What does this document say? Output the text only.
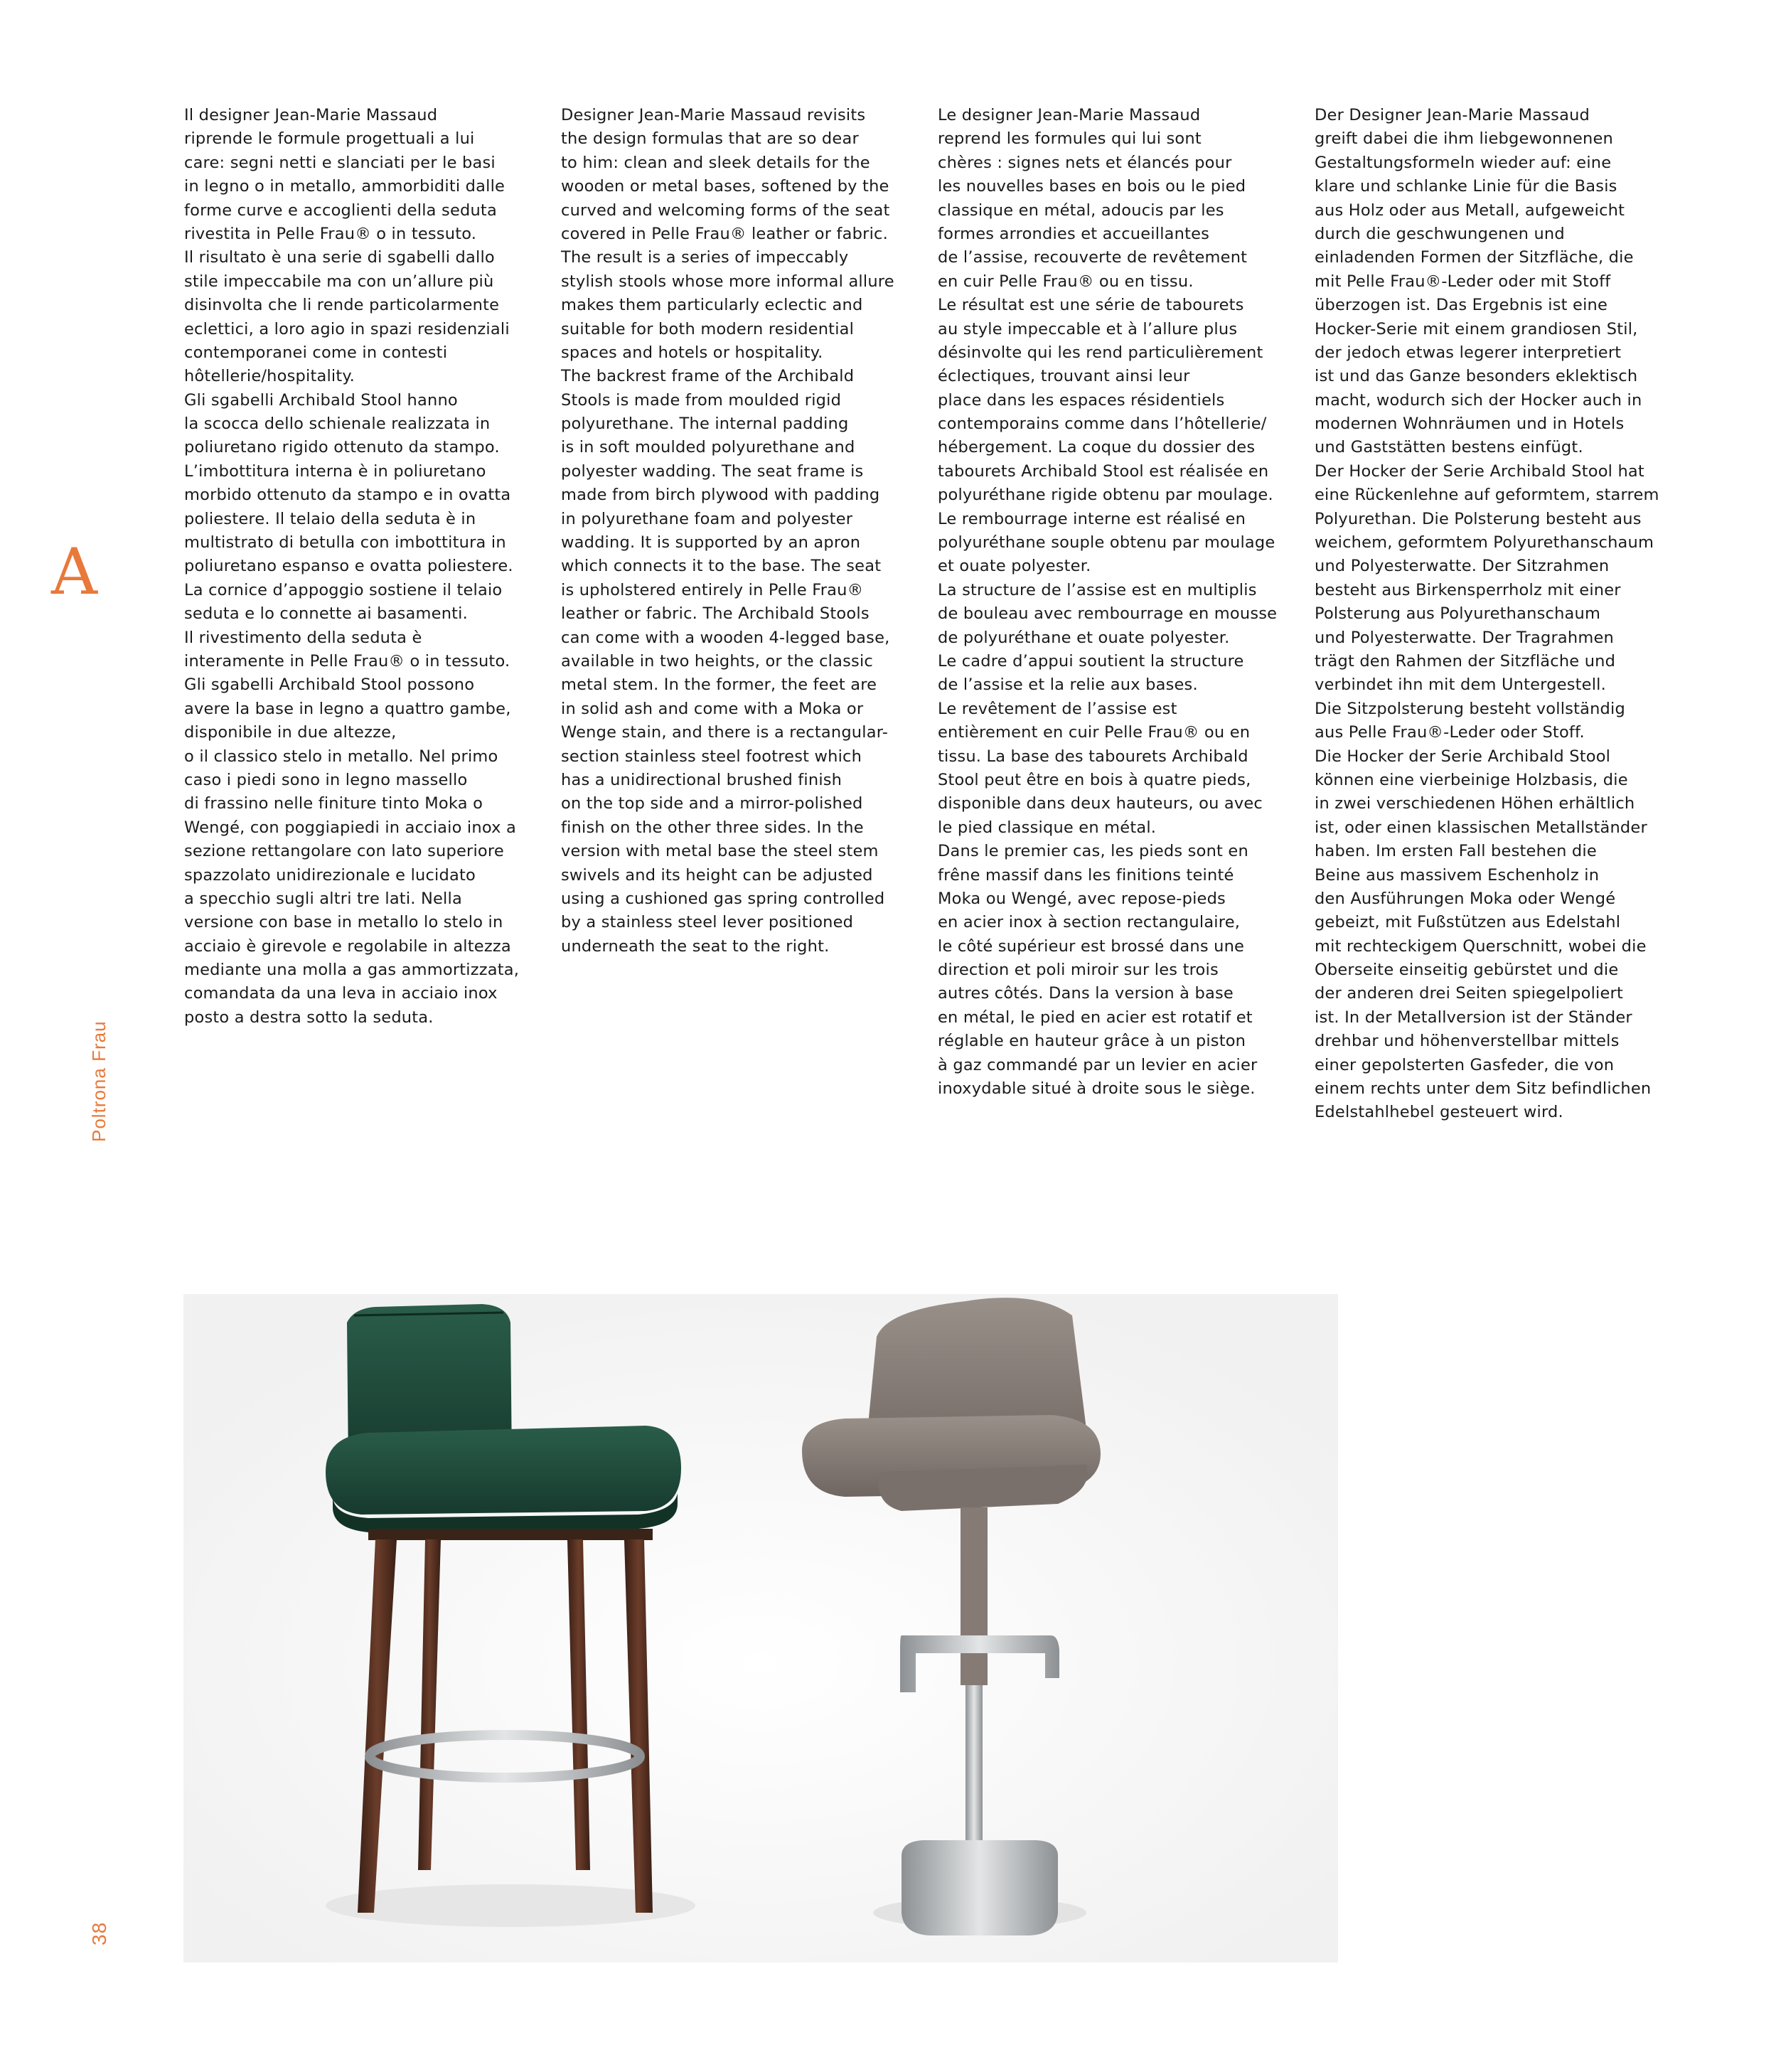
A
Poltrona Frau
38
Il designer Jean-Marie Massaud
riprende le formule progettuali a lui
care: segni netti e slanciati per le basi
in legno o in metallo, ammorbiditi dalle
forme curve e accoglienti della seduta
rivestita in Pelle Frau® o in tessuto.
Il risultato è una serie di sgabelli dallo
stile impeccabile ma con un’allure più
disinvolta che li rende particolarmente
eclettici, a loro agio in spazi residenziali
contemporanei come in contesti
hôtellerie/hospitality.
Gli sgabelli Archibald Stool hanno
la scocca dello schienale realizzata in
poliuretano rigido ottenuto da stampo.
L’imbottitura interna è in poliuretano
morbido ottenuto da stampo e in ovatta
poliestere. Il telaio della seduta è in
multistrato di betulla con imbottitura in
poliuretano espanso e ovatta poliestere.
La cornice d’appoggio sostiene il telaio
seduta e lo connette ai basamenti.
Il rivestimento della seduta è
interamente in Pelle Frau® o in tessuto.
Gli sgabelli Archibald Stool possono
avere la base in legno a quattro gambe,
disponibile in due altezze,
o il classico stelo in metallo. Nel primo
caso i piedi sono in legno massello
di frassino nelle finiture tinto Moka o
Wengé, con poggiapiedi in acciaio inox a
sezione rettangolare con lato superiore
spazzolato unidirezionale e lucidato
a specchio sugli altri tre lati. Nella
versione con base in metallo lo stelo in
acciaio è girevole e regolabile in altezza
mediante una molla a gas ammortizzata,
comandata da una leva in acciaio inox
posto a destra sotto la seduta.
Designer Jean-Marie Massaud revisits
the design formulas that are so dear
to him: clean and sleek details for the
wooden or metal bases, softened by the
curved and welcoming forms of the seat
covered in Pelle Frau® leather or fabric.
The result is a series of impeccably
stylish stools whose more informal allure
makes them particularly eclectic and
suitable for both modern residential
spaces and hotels or hospitality.
The backrest frame of the Archibald
Stools is made from moulded rigid
polyurethane. The internal padding
is in soft moulded polyurethane and
polyester wadding. The seat frame is
made from birch plywood with padding
in polyurethane foam and polyester
wadding. It is supported by an apron
which connects it to the base. The seat
is upholstered entirely in Pelle Frau®
leather or fabric. The Archibald Stools
can come with a wooden 4-legged base,
available in two heights, or the classic
metal stem. In the former, the feet are
in solid ash and come with a Moka or
Wenge stain, and there is a rectangular-
section stainless steel footrest which
has a unidirectional brushed finish
on the top side and a mirror-polished
finish on the other three sides. In the
version with metal base the steel stem
swivels and its height can be adjusted
using a cushioned gas spring controlled
by a stainless steel lever positioned
underneath the seat to the right.
Le designer Jean-Marie Massaud
reprend les formules qui lui sont
chères : signes nets et élancés pour
les nouvelles bases en bois ou le pied
classique en métal, adoucis par les
formes arrondies et accueillantes
de l’assise, recouverte de revêtement
en cuir Pelle Frau® ou en tissu.
Le résultat est une série de tabourets
au style impeccable et à l’allure plus
désinvolte qui les rend particulièrement
éclectiques, trouvant ainsi leur
place dans les espaces résidentiels
contemporains comme dans l’hôtellerie/
hébergement. La coque du dossier des
tabourets Archibald Stool est réalisée en
polyuréthane rigide obtenu par moulage.
Le rembourrage interne est réalisé en
polyuréthane souple obtenu par moulage
et ouate polyester.
La structure de l’assise est en multiplis
de bouleau avec rembourrage en mousse
de polyuréthane et ouate polyester.
Le cadre d’appui soutient la structure
de l’assise et la relie aux bases.
Le revêtement de l’assise est
entièrement en cuir Pelle Frau® ou en
tissu. La base des tabourets Archibald
Stool peut être en bois à quatre pieds,
disponible dans deux hauteurs, ou avec
le pied classique en métal.
Dans le premier cas, les pieds sont en
frêne massif dans les finitions teinté
Moka ou Wengé, avec repose-pieds
en acier inox à section rectangulaire,
le côté supérieur est brossé dans une
direction et poli miroir sur les trois
autres côtés. Dans la version à base
en métal, le pied en acier est rotatif et
réglable en hauteur grâce à un piston
à gaz commandé par un levier en acier
inoxydable situé à droite sous le siège.
Der Designer Jean-Marie Massaud
greift dabei die ihm liebgewonnenen
Gestaltungsformeln wieder auf: eine
klare und schlanke Linie für die Basis
aus Holz oder aus Metall, aufgeweicht
durch die geschwungenen und
einladenden Formen der Sitzfläche, die
mit Pelle Frau®-Leder oder mit Stoff
überzogen ist. Das Ergebnis ist eine
Hocker-Serie mit einem grandiosen Stil,
der jedoch etwas legerer interpretiert
ist und das Ganze besonders eklektisch
macht, wodurch sich der Hocker auch in
modernen Wohnräumen und in Hotels
und Gaststätten bestens einfügt.
Der Hocker der Serie Archibald Stool hat
eine Rückenlehne auf geformtem, starrem
Polyurethan. Die Polsterung besteht aus
weichem, geformtem Polyurethanschaum
und Polyesterwatte. Der Sitzrahmen
besteht aus Birkensperrholz mit einer
Polsterung aus Polyurethanschaum
und Polyesterwatte. Der Tragrahmen
trägt den Rahmen der Sitzfläche und
verbindet ihn mit dem Untergestell.
Die Sitzpolsterung besteht vollständig
aus Pelle Frau®-Leder oder Stoff.
Die Hocker der Serie Archibald Stool
können eine vierbeinige Holzbasis, die
in zwei verschiedenen Höhen erhältlich
ist, oder einen klassischen Metallständer
haben. Im ersten Fall bestehen die
Beine aus massivem Eschenholz in
den Ausführungen Moka oder Wengé
gebeizt, mit Fußstützen aus Edelstahl
mit rechteckigem Querschnitt, wobei die
Oberseite einseitig gebürstet und die
der anderen drei Seiten spiegelpoliert
ist. In der Metallversion ist der Ständer
drehbar und höhenverstellbar mittels
einer gepolsterten Gasfeder, die von
einem rechts unter dem Sitz befindlichen
Edelstahlhebel gesteuert wird.
